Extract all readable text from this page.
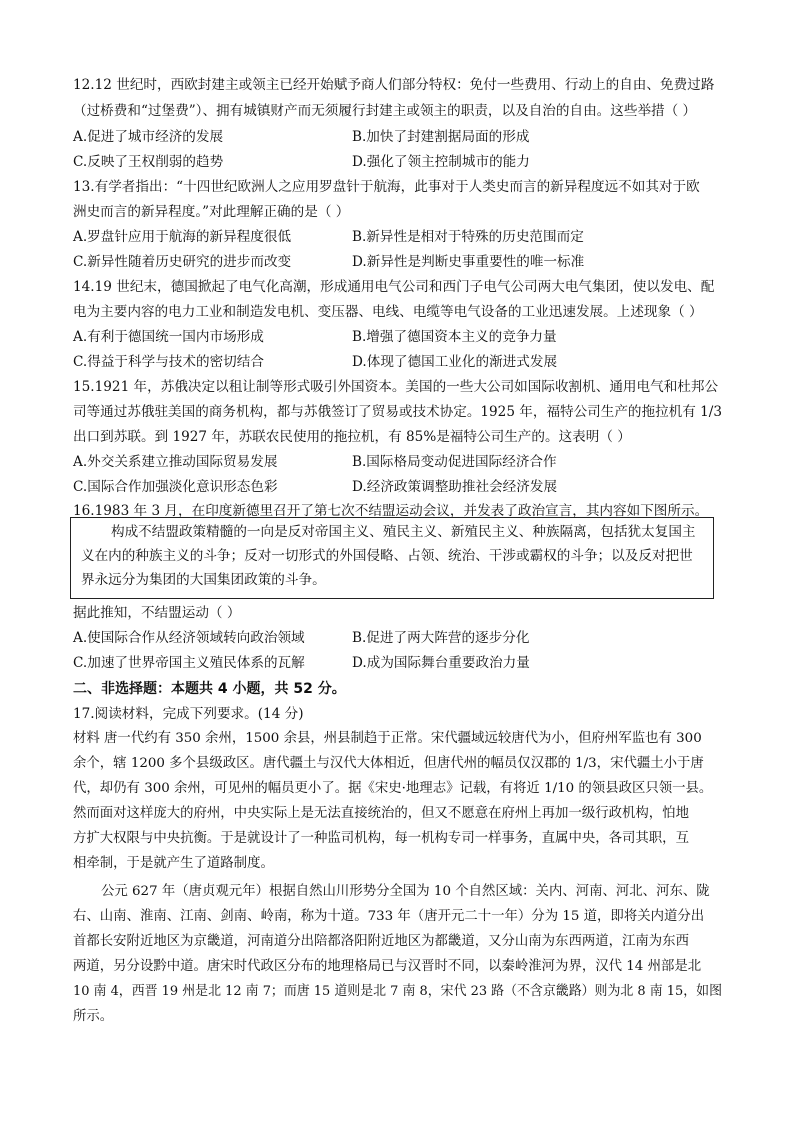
12.12 世纪时，西欧封建主或领主已经开始赋予商人们部分特权：免付一些费用、行动上的自由、免费过路
（过桥费和“过堡费”）、拥有城镇财产而无须履行封建主或领主的职责，以及自治的自由。这些举措（ ）
A.促进了城市经济的发展	B.加快了封建割据局面的形成
C.反映了王权削弱的趋势	D.强化了领主控制城市的能力
13.有学者指出：“十四世纪欧洲人之应用罗盘针于航海，此事对于人类史而言的新异程度远不如其对于欧
洲史而言的新异程度。”对此理解正确的是（ ）
A.罗盘针应用于航海的新异程度很低	B.新异性是相对于特殊的历史范围而定
C.新异性随着历史研究的进步而改变	D.新异性是判断史事重要性的唯一标准
14.19 世纪末，德国掀起了电气化高潮，形成通用电气公司和西门子电气公司两大电气集团，使以发电、配
电为主要内容的电力工业和制造发电机、变压器、电线、电缆等电气设备的工业迅速发展。上述现象（ ）
A.有利于德国统一国内市场形成	B.增强了德国资本主义的竞争力量
C.得益于科学与技术的密切结合	D.体现了德国工业化的渐进式发展
15.1921 年，苏俄决定以租让制等形式吸引外国资本。美国的一些大公司如国际收割机、通用电气和杜邦公
司等通过苏俄驻美国的商务机构，都与苏俄签订了贸易或技术协定。1925 年，福特公司生产的拖拉机有 1/3
出口到苏联。到 1927 年，苏联农民使用的拖拉机，有 85%是福特公司生产的。这表明（ ）
A.外交关系建立推动国际贸易发展	B.国际格局变动促进国际经济合作
C.国际合作加强淡化意识形态色彩	D.经济政策调整助推社会经济发展
16.1983 年 3 月，在印度新德里召开了第七次不结盟运动会议，并发表了政治宣言，其内容如下图所示。
构成不结盟政策精髓的一向是反对帝国主义、殖民主义、新殖民主义、种族隔离，包括犹太复国主
义在内的种族主义的斗争；反对一切形式的外国侵略、占领、统治、干涉或霸权的斗争；以及反对把世
界永远分为集团的大国集团政策的斗争。
据此推知，不结盟运动（ ）
A.使国际合作从经济领域转向政治领域	B.促进了两大阵营的逐步分化
C.加速了世界帝国主义殖民体系的瓦解	D.成为国际舞台重要政治力量
二、非选择题：本题共 4 小题，共 52 分。
17.阅读材料，完成下列要求。(14 分)
材料 唐一代约有 350 余州，1500 余县，州县制趋于正常。宋代疆域远较唐代为小，但府州军监也有 300
余个，辖 1200 多个县级政区。唐代疆土与汉代大体相近，但唐代州的幅员仅汉郡的 1/3，宋代疆土小于唐
代，却仍有 300 余州，可见州的幅员更小了。据《宋史·地理志》记载，有将近 1/10 的领县政区只领一县。
然而面对这样庞大的府州，中央实际上是无法直接统治的，但又不愿意在府州上再加一级行政机构，怕地
方扩大权限与中央抗衡。于是就设计了一种监司机构，每一机构专司一样事务，直属中央，各司其职，互
相牵制，于是就产生了道路制度。
公元 627 年（唐贞观元年）根据自然山川形势分全国为 10 个自然区域：关内、河南、河北、河东、陇
右、山南、淮南、江南、剑南、岭南，称为十道。733 年（唐开元二十一年）分为 15 道，即将关内道分出
首都长安附近地区为京畿道，河南道分出陪都洛阳附近地区为都畿道，又分山南为东西两道，江南为东西
两道，另分设黔中道。唐宋时代政区分布的地理格局已与汉晋时不同，以秦岭淮河为界，汉代 14 州部是北
10 南 4，西晋 19 州是北 12 南 7；而唐 15 道则是北 7 南 8，宋代 23 路（不含京畿路）则为北 8 南 15，如图
所示。
